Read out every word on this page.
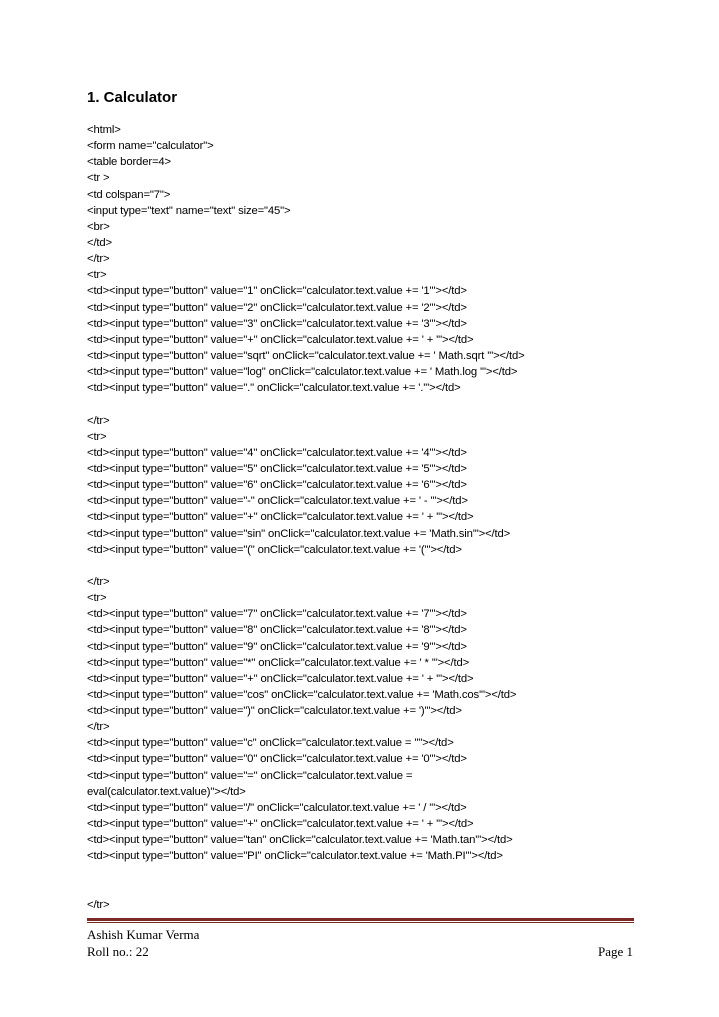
1. Calculator
<html>
<form name="calculator">
<table border=4>
<tr >
<td colspan="7">
<input type="text" name="text" size="45">
<br>
</td>
</tr>
<tr>
<td><input type="button" value="1" onClick="calculator.text.value += '1'"></td>
<td><input type="button" value="2" onClick="calculator.text.value += '2'"></td>
<td><input type="button" value="3" onClick="calculator.text.value += '3'"></td>
<td><input type="button" value="+" onClick="calculator.text.value += ' + '"></td>
<td><input type="button" value="sqrt" onClick="calculator.text.value += ' Math.sqrt '"></td>
<td><input type="button" value="log" onClick="calculator.text.value += ' Math.log '"></td>
<td><input type="button" value="." onClick="calculator.text.value += '.'"></td>
</tr>
<tr>
<td><input type="button" value="4" onClick="calculator.text.value += '4'"></td>
<td><input type="button" value="5" onClick="calculator.text.value += '5'"></td>
<td><input type="button" value="6" onClick="calculator.text.value += '6'"></td>
<td><input type="button" value="-" onClick="calculator.text.value += ' - '"></td>
<td><input type="button" value="+" onClick="calculator.text.value += ' + '"></td>
<td><input type="button" value="sin" onClick="calculator.text.value += 'Math.sin'"></td>
<td><input type="button" value="(" onClick="calculator.text.value += '('"></td>
</tr>
<tr>
<td><input type="button" value="7" onClick="calculator.text.value += '7'"></td>
<td><input type="button" value="8" onClick="calculator.text.value += '8'"></td>
<td><input type="button" value="9" onClick="calculator.text.value += '9'"></td>
<td><input type="button" value="*" onClick="calculator.text.value += ' * '"></td>
<td><input type="button" value="+" onClick="calculator.text.value += ' + '"></td>
<td><input type="button" value="cos" onClick="calculator.text.value += 'Math.cos'"></td>
<td><input type="button" value=")" onClick="calculator.text.value += ')'"></td>
</tr>
<td><input type="button" value="c" onClick="calculator.text.value = ''"></td>
<td><input type="button" value="0" onClick="calculator.text.value += '0'"></td>
<td><input type="button" value="=" onClick="calculator.text.value =
eval(calculator.text.value)"></td>
<td><input type="button" value="/" onClick="calculator.text.value += ' / '"></td>
<td><input type="button" value="+" onClick="calculator.text.value += ' + '"></td>
<td><input type="button" value="tan" onClick="calculator.text.value += 'Math.tan'"></td>
<td><input type="button" value="PI" onClick="calculator.text.value += 'Math.PI'"></td>
</tr>
Ashish Kumar Verma
Roll no.: 22	Page 1
